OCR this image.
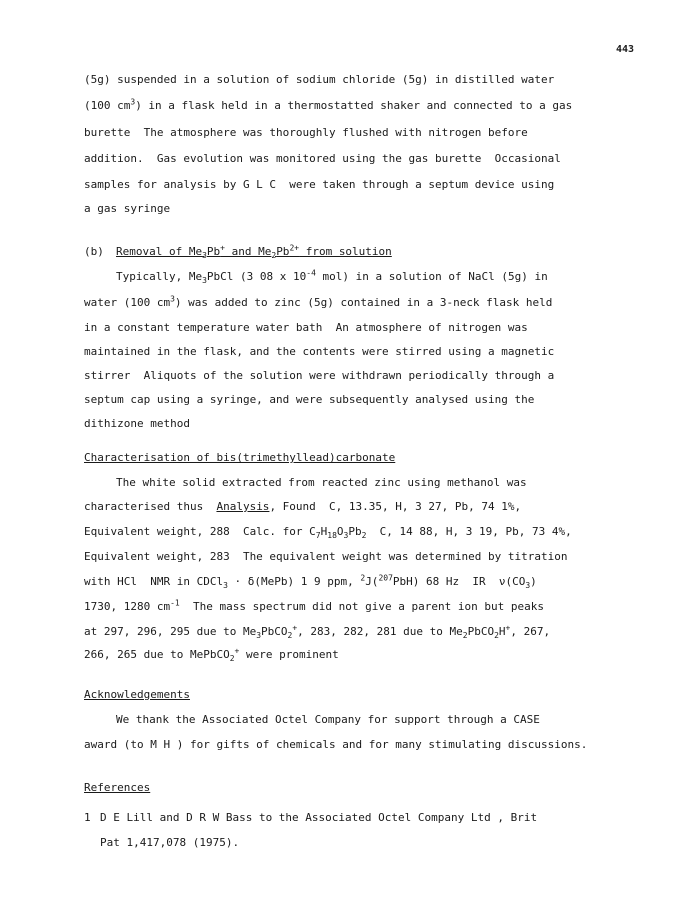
443
(5g) suspended in a solution of sodium chloride (5g) in distilled water
(100 $cm^3$) in a flask held in a thermostatted shaker and connected to a gas
burette  The atmosphere was thoroughly flushed with nitrogen before
addition.  Gas evolution was monitored using the gas burette  Occasional
samples for analysis by G L C  were taken through a septum device using
a gas syringe
(b) Removal of $Me_3Pb^+$ and $Me_2Pb^{2+}$ from solution
Typically, $Me_3PbCl$ (3 08 x $10^{-4}$ mol) in a solution of NaCl (5g) in
water (100 $cm^3$) was added to zinc (5g) contained in a 3-neck flask held
in a constant temperature water bath  An atmosphere of nitrogen was
maintained in the flask, and the contents were stirred using a magnetic
stirrer  Aliquots of the solution were withdrawn periodically through a
septum cap using a syringe, and were subsequently analysed using the
dithizone method
Characterisation of bis(trimethyllead)carbonate
The white solid extracted from reacted zinc using methanol was
characterised thus  Analysis, Found  C, 13.35, H, 3 27, Pb, 74 1%,
Equivalent weight, 288  Calc. for $C_7H_{18}O_3Pb_2$  C, 14 88, H, 3 19, Pb, 73 4%,
Equivalent weight, 283  The equivalent weight was determined by titration
with HCl  NMR in CDCl$_3$ · δ(MePb) 1 9 ppm, $^2$J($^{207}$PbH) 68 Hz  IR  $\nu(CO_3)$
1730, 1280 $cm^{-1}$  The mass spectrum did not give a parent ion but peaks
at 297, 296, 295 due to $Me_3PbCO_2^+$, 283, 282, 281 due to $Me_2PbCO_2H^+$, 267,
266, 265 due to MePbCO$_2$+ were prominent
Acknowledgements
We thank the Associated Octel Company for support through a CASE
award (to M H ) for gifts of chemicals and for many stimulating discussions.
References
1 D E Lill and D R W Bass to the Associated Octel Company Ltd , Brit
Pat 1,417,078 (1975).
